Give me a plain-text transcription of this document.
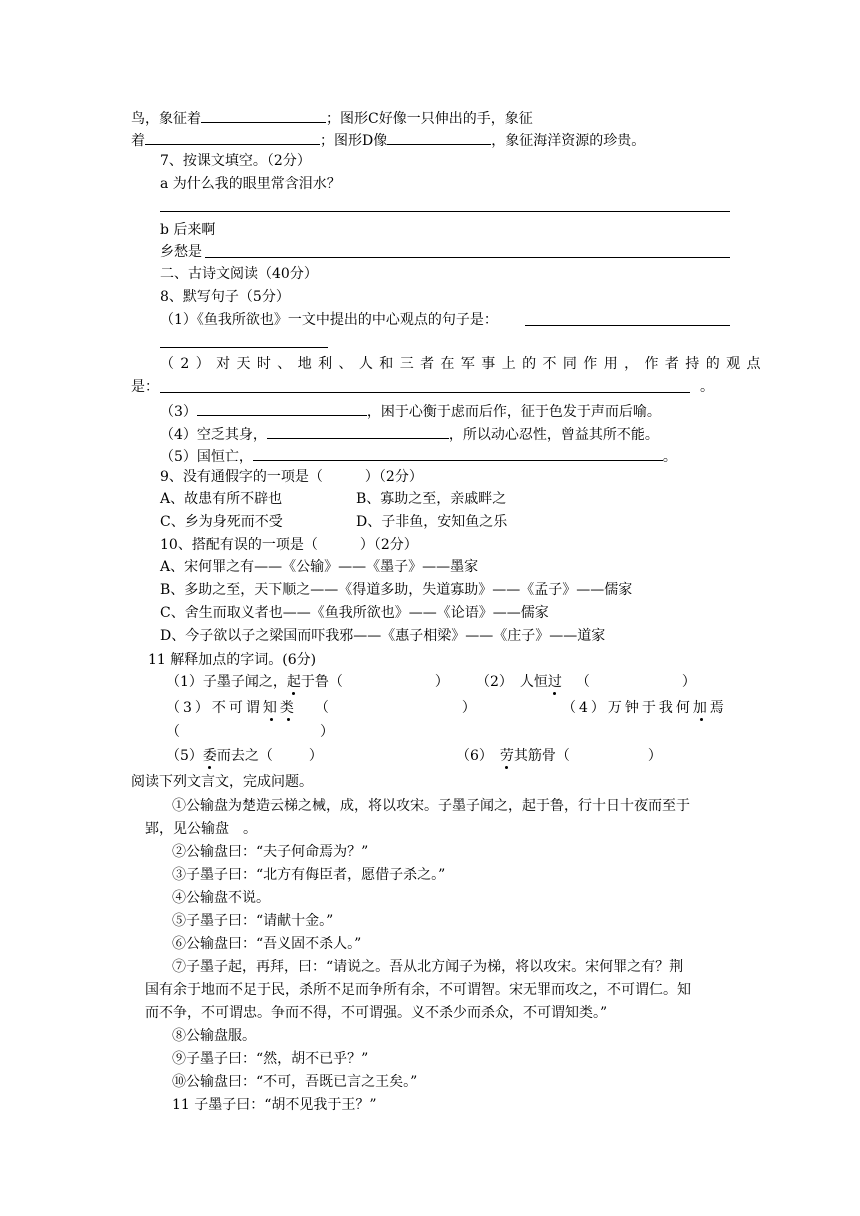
鸟，象征着	；图形C好像一只伸出的手，象征
着	；图形D像	，象征海洋资源的珍贵。
7、按课文填空。（2分）
a 为什么我的眼里常含泪水？
b 后来啊
乡愁是
二、古诗文阅读（40分）
8、默写句子（5分）
（1）《鱼我所欲也》一文中提出的中心观点的句子是：
（2）对天时、地利、人和三者在军事上的不同作用，作者持的观点
是：	。
（3）	，困于心衡于虑而后作，征于色发于声而后喻。
（4）空乏其身，	，所以动心忍性，曾益其所不能。
（5）国恒亡，	。
9、没有通假字的一项是（　　　）（2分）
A、故患有所不辟也	B、寡助之至，亲戚畔之
C、乡为身死而不受	D、子非鱼，安知鱼之乐
10、搭配有误的一项是（　　　）（2分）
A、宋何罪之有——《公输》——《墨子》——墨家
B、多助之至，天下顺之——《得道多助，失道寡助》——《孟子》——儒家
C、舍生而取义者也——《鱼我所欲也》——《论语》——儒家
D、今子欲以子之梁国而吓我邪——《惠子相梁》——《庄子》——道家
11 解释加点的字词。(6分)
（1）子墨子闻之，起于鲁（	） （2）　人恒过 （	）
（3）不可谓知类 （	）	（4）万钟于我何加焉
（	）
（5）委而去之（	）	（6）　劳其筋骨（	）
阅读下列文言文，完成问题。
①公输盘为楚造云梯之械，成，将以攻宋。子墨子闻之，起于鲁，行十日十夜而至于
郢，见公输盘　。
②公输盘曰：“夫子何命焉为？”
③子墨子曰：“北方有侮臣者，愿借子杀之。”
④公输盘不说。
⑤子墨子曰：“请献十金。”
⑥公输盘曰：“吾义固不杀人。”
⑦子墨子起，再拜，曰：“请说之。吾从北方闻子为梯，将以攻宋。宋何罪之有？荆
国有余于地而不足于民，杀所不足而争所有余，不可谓智。宋无罪而攻之，不可谓仁。知
而不争，不可谓忠。争而不得，不可谓强。义不杀少而杀众，不可谓知类。”
⑧公输盘服。
⑨子墨子曰：“然，胡不已乎？”
⑩公输盘曰：“不可，吾既已言之王矣。”
11 子墨子曰：“胡不见我于王？”
